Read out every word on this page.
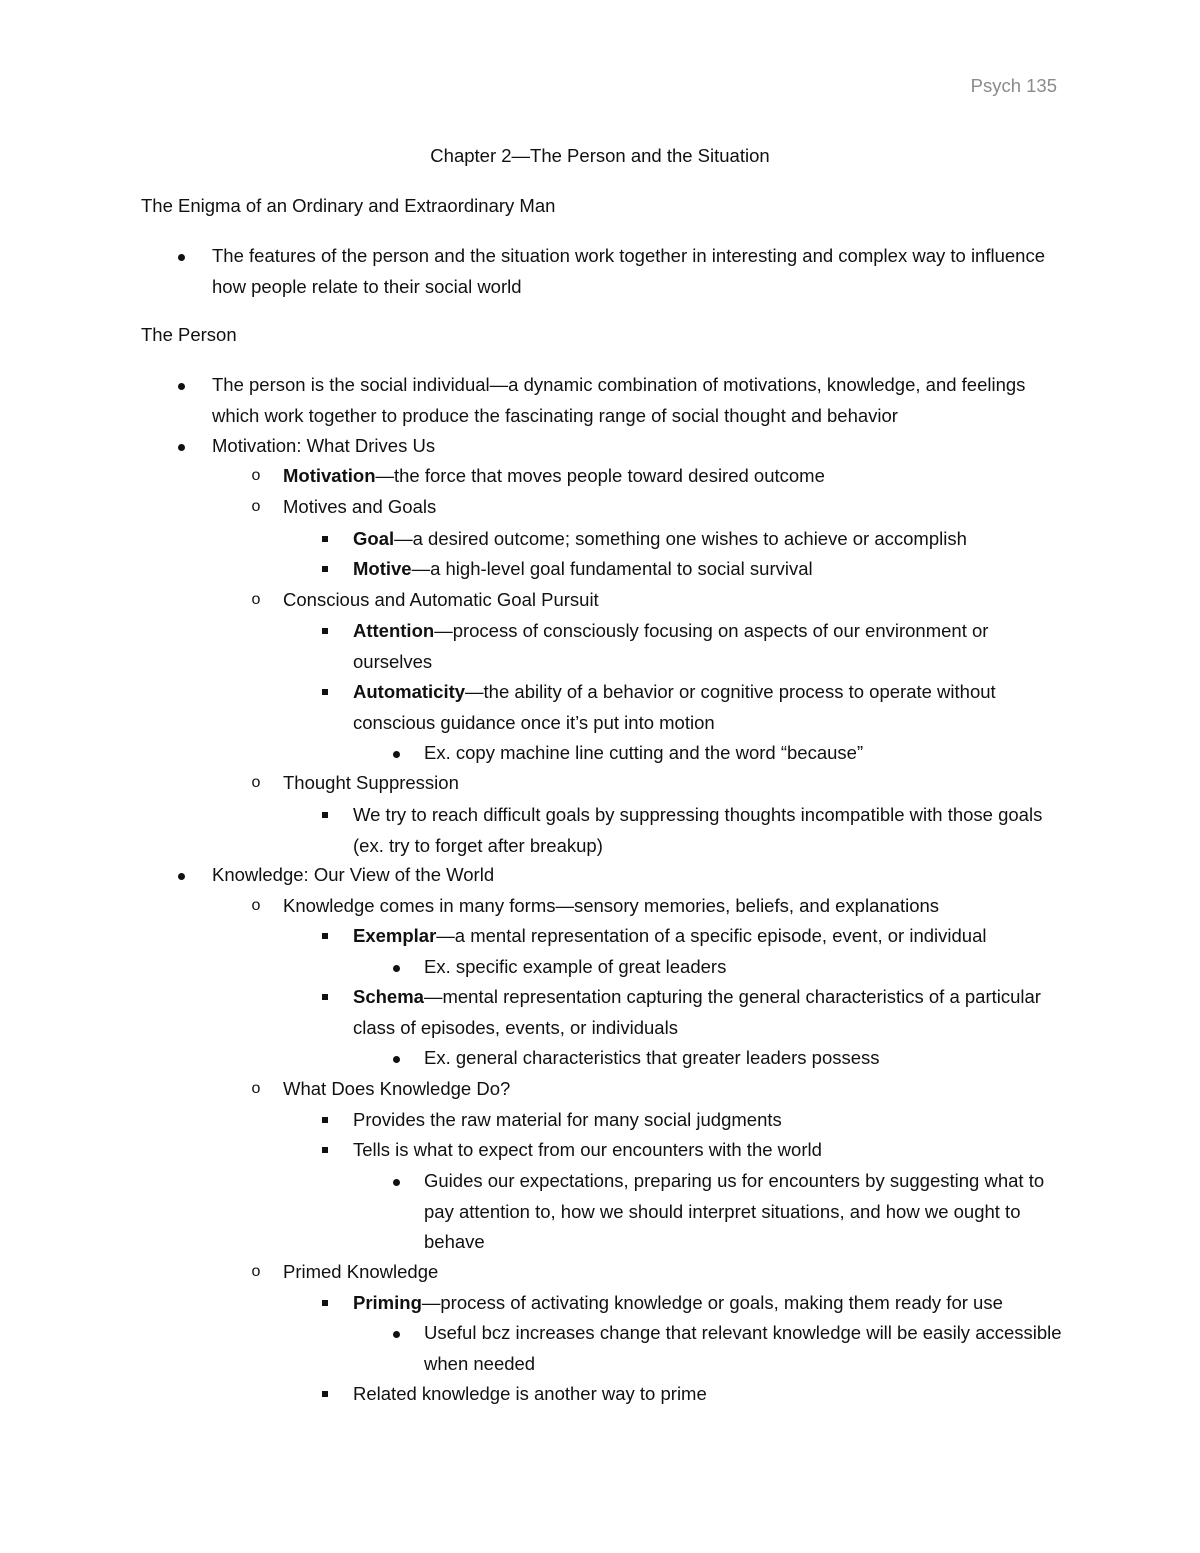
Psych 135
Chapter 2—The Person and the Situation
The Enigma of an Ordinary and Extraordinary Man
The features of the person and the situation work together in interesting and complex way to influence how people relate to their social world
The Person
The person is the social individual—a dynamic combination of motivations, knowledge, and feelings which work together to produce the fascinating range of social thought and behavior
Motivation: What Drives Us
o Motivation—the force that moves people toward desired outcome
o Motives and Goals
Goal—a desired outcome; something one wishes to achieve or accomplish
Motive—a high-level goal fundamental to social survival
o Conscious and Automatic Goal Pursuit
Attention—process of consciously focusing on aspects of our environment or ourselves
Automaticity—the ability of a behavior or cognitive process to operate without conscious guidance once it’s put into motion
Ex. copy machine line cutting and the word “because”
o Thought Suppression
We try to reach difficult goals by suppressing thoughts incompatible with those goals (ex. try to forget after breakup)
Knowledge: Our View of the World
o Knowledge comes in many forms—sensory memories, beliefs, and explanations
Exemplar—a mental representation of a specific episode, event, or individual
Ex. specific example of great leaders
Schema—mental representation capturing the general characteristics of a particular class of episodes, events, or individuals
Ex. general characteristics that greater leaders possess
o What Does Knowledge Do?
Provides the raw material for many social judgments
Tells is what to expect from our encounters with the world
Guides our expectations, preparing us for encounters by suggesting what to pay attention to, how we should interpret situations, and how we ought to behave
o Primed Knowledge
Priming—process of activating knowledge or goals, making them ready for use
Useful bcz increases change that relevant knowledge will be easily accessible when needed
Related knowledge is another way to prime
